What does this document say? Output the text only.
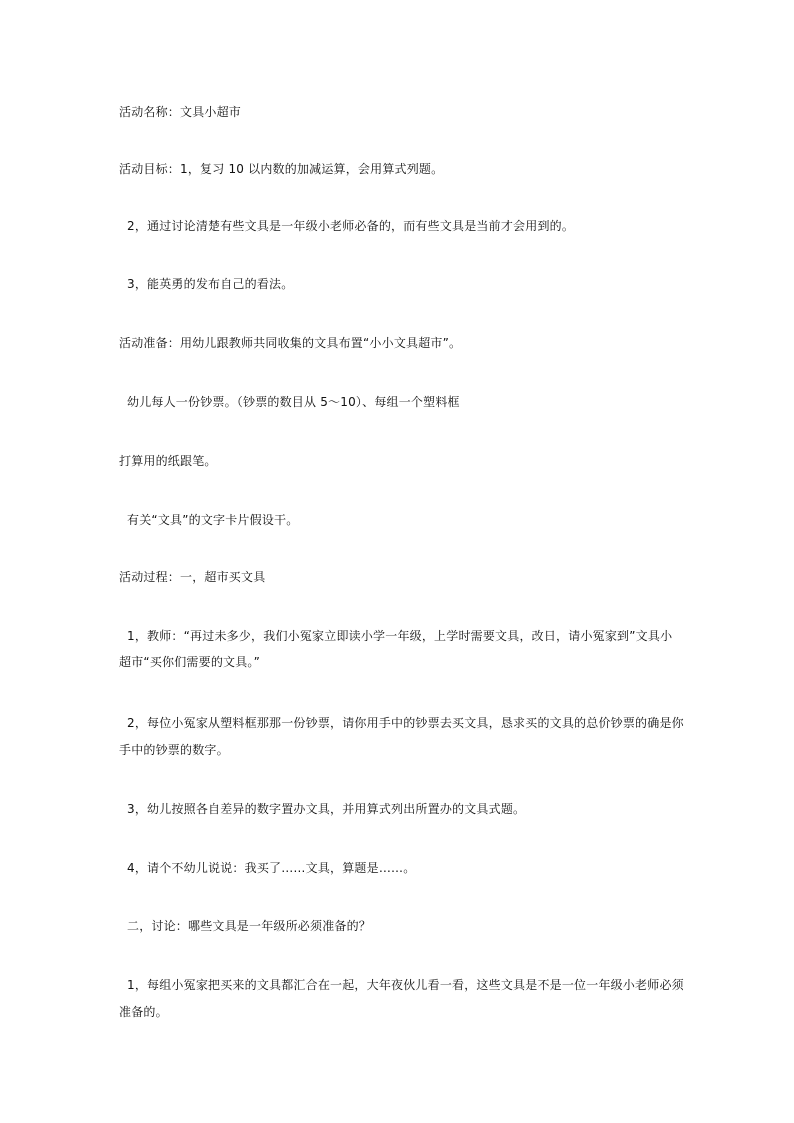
活动名称：文具小超市
活动目标：1，复习 10 以内数的加减运算，会用算式列题。
2，通过讨论清楚有些文具是一年级小老师必备的，而有些文具是当前才会用到的。
3，能英勇的发布自己的看法。
活动准备：用幼儿跟教师共同收集的文具布置“小小文具超市”。
幼儿每人一份钞票。（钞票的数目从 5～10）、每组一个塑料框
打算用的纸跟笔。
有关“文具”的文字卡片假设干。
活动过程：一，超市买文具
1，教师：“再过未多少，我们小冤家立即读小学一年级，上学时需要文具，改日，请小冤家到”文具小
超市“买你们需要的文具。”
2，每位小冤家从塑料框那那一份钞票，请你用手中的钞票去买文具，恳求买的文具的总价钞票的确是你
手中的钞票的数字。
3，幼儿按照各自差异的数字置办文具，并用算式列出所置办的文具式题。
4，请个不幼儿说说：我买了……文具，算题是……。
二，讨论：哪些文具是一年级所必须准备的？
1，每组小冤家把买来的文具都汇合在一起，大年夜伙儿看一看，这些文具是不是一位一年级小老师必须
准备的。
